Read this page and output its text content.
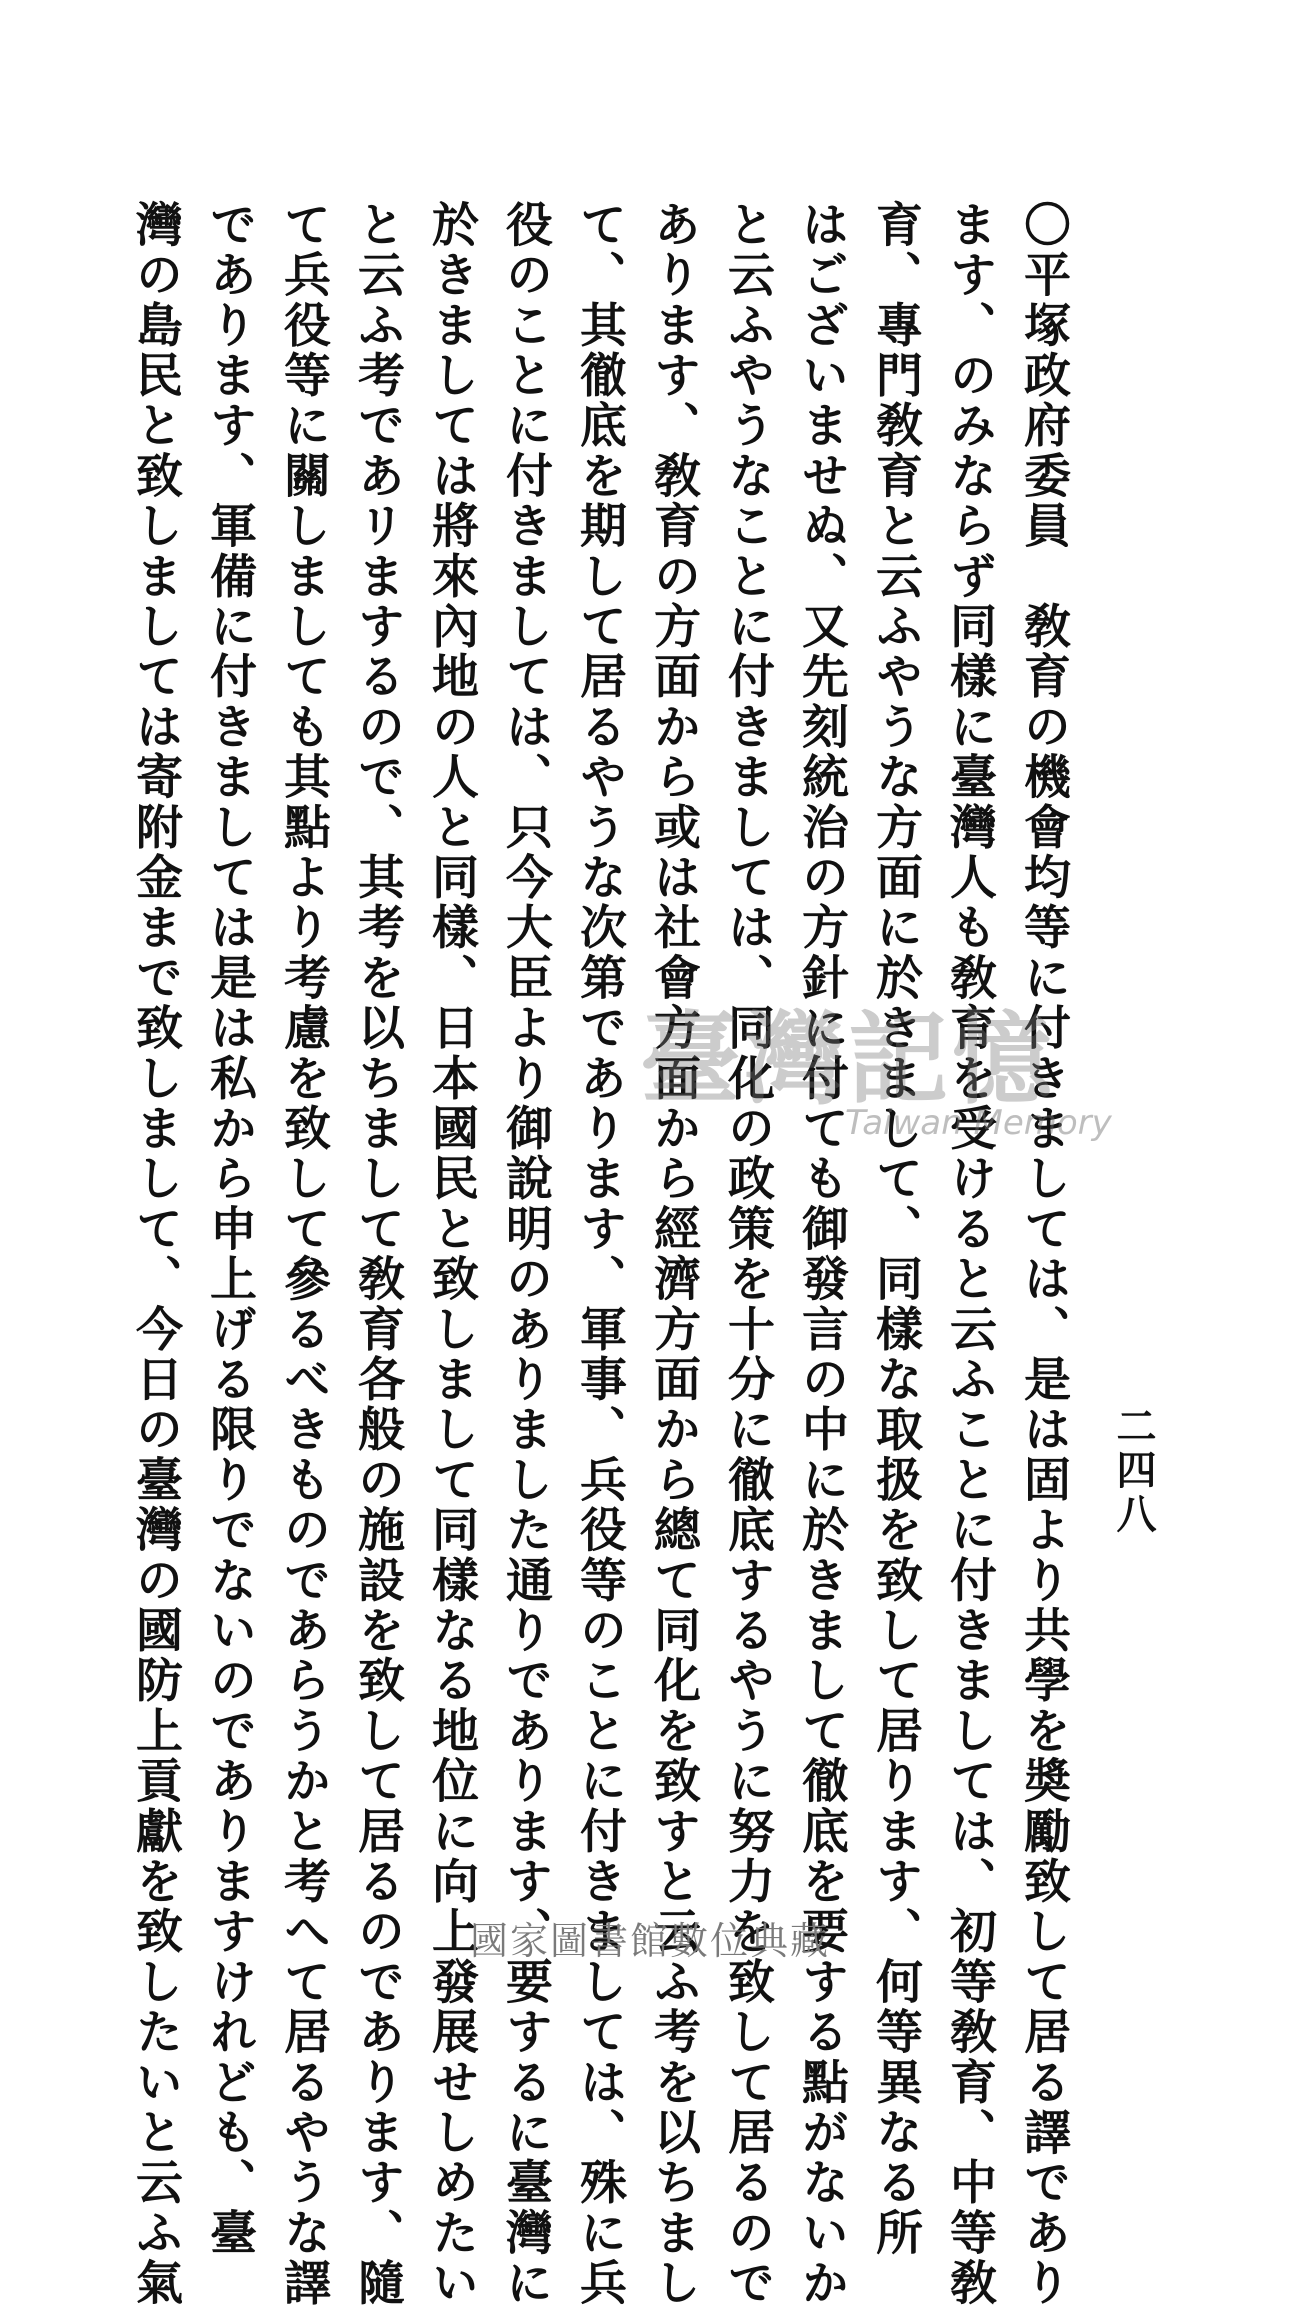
二四八
〇平塚政府委員　敎育の機會均等に付きましては、是は固より共學を奬勵致して居る譯であり
ます、のみならず同樣に臺灣人も敎育を受けると云ふことに付きましては、初等敎育、中等敎
育、專門敎育と云ふやうな方面に於きまして、同樣な取扱を致して居ります、何等異なる所
はございませぬ、又先刻統治の方針に付ても御發言の中に於きまして徹底を要する點がないか
と云ふやうなことに付きましては、同化の政策を十分に徹底するやうに努力を致して居るので
あります、敎育の方面から或は社會方面から經濟方面から總て同化を致すと云ふ考を以ちまし
て、其徹底を期して居るやうな次第であります、軍事、兵役等のことに付きましては、殊に兵
役のことに付きましては、只今大臣より御說明のありました通りであります、要するに臺灣に
於きましては將來內地の人と同樣、日本國民と致しまして同樣なる地位に向上發展せしめたい
と云ふ考であリまするので、其考を以ちまして敎育各般の施設を致して居るのであります、隨
て兵役等に關しましても其點より考慮を致して參るべきものであらうかと考へて居るやうな譯
であります、軍備に付きましては是は私から申上げる限りでないのでありますけれども、臺
灣の島民と致しましては寄附金まで致しまして、今日の臺灣の國防上貢獻を致したいと云ふ氣	臺灣記憶
Taiwan Memory
國家圖書館數位典藏
